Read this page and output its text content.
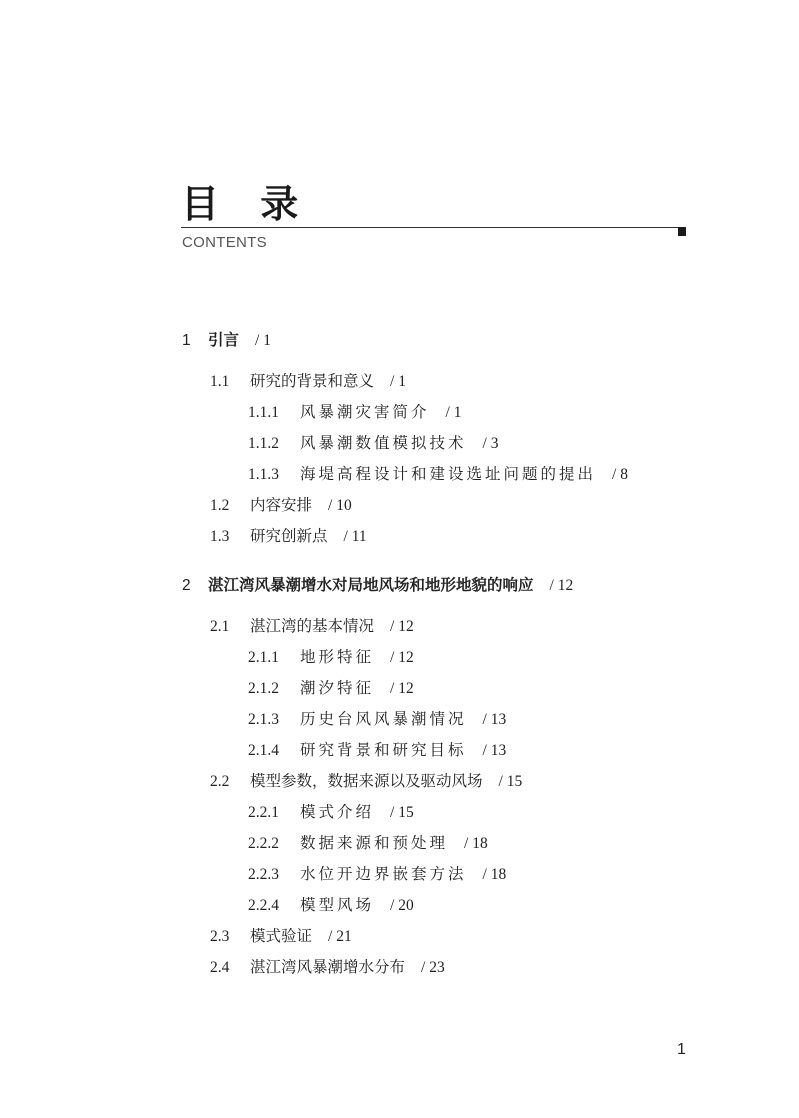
目 录
CONTENTS
1 引言 / 1
1.1 研究的背景和意义 / 1
1.1.1 风暴潮灾害简介 / 1
1.1.2 风暴潮数值模拟技术 / 3
1.1.3 海堤高程设计和建设选址问题的提出 / 8
1.2 内容安排 / 10
1.3 研究创新点 / 11
2 湛江湾风暴潮增水对局地风场和地形地貌的响应 / 12
2.1 湛江湾的基本情况 / 12
2.1.1 地形特征 / 12
2.1.2 潮汐特征 / 12
2.1.3 历史台风风暴潮情况 / 13
2.1.4 研究背景和研究目标 / 13
2.2 模型参数，数据来源以及驱动风场 / 15
2.2.1 模式介绍 / 15
2.2.2 数据来源和预处理 / 18
2.2.3 水位开边界嵌套方法 / 18
2.2.4 模型风场 / 20
2.3 模式验证 / 21
2.4 湛江湾风暴潮增水分布 / 23
1
